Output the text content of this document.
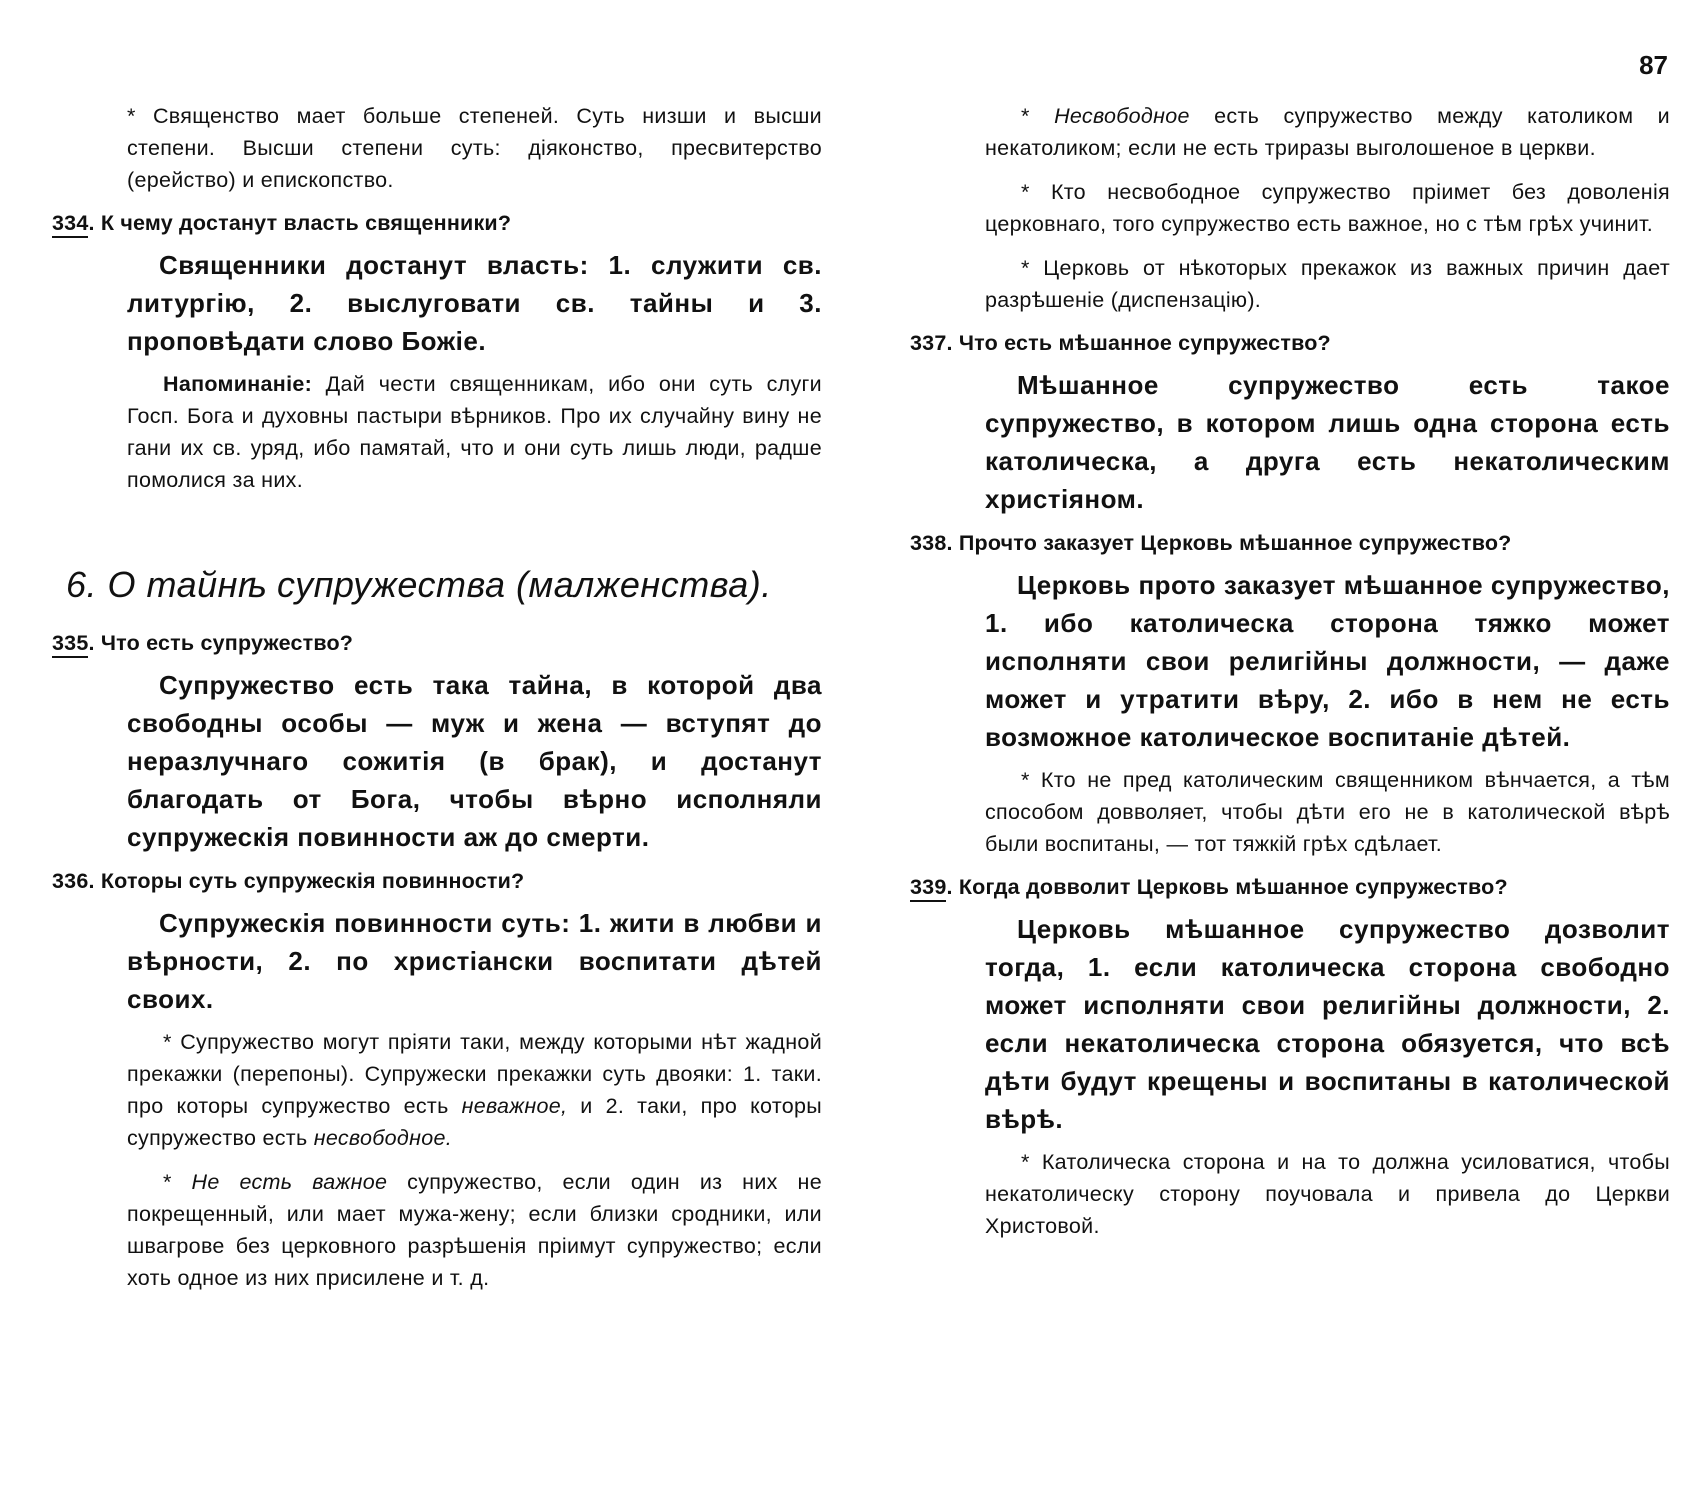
87

* Священство мает больше степеней. Суть низши и высши степени. Высши степени суть: діяконство, пресвитерство (ерейство) и епископство.

334. К чему достанут власть священники?

Священники достанут власть: 1. служити св. литургію, 2. выслуговати св. тайны и 3. проповѣдати слово Божіе.

Напоминаніе: Дай чести священникам, ибо они суть слуги Госп. Бога и духовны пастыри вѣрников. Про их случайну вину не гани их св. уряд, ибо памятай, что и они суть лишь люди, радше помолися за них.

6. О тайнѣ супружества (малженства).
335. Что есть супружество?

Супружество есть така тайна, в которой два свободны особы — муж и жена — вступят до неразлучнаго сожитія (в брак), и достанут благодать от Бога, чтобы вѣрно исполняли супружескія повинности аж до смерти.

336. Которы суть супружескія повинности?

Супружескія повинности суть: 1. жити в любви и вѣрности, 2. по христіански воспитати дѣтей своих.

* Супружество могут пріяти таки, между которыми нѣт жадной прекажки (перепоны). Супружески прекажки суть двояки: 1. таки. про которы супружество есть неважное, и 2. таки, про которы супружество есть несвободное.

* Не есть важное супружество, если один из них не покрещенный, или мает мужа-жену; если близки сродники, или швагрове без церковного разрѣшенія пріимут супружество; если хоть одное из них присилене и т. д.

* Несвободное есть супружество между католиком и некатоликом; если не есть триразы выголошеное в церкви.

* Кто несвободное супружество пріимет без доволенія церковнаго, того супружество есть важное, но с тѣм грѣх учинит.

* Церковь от нѣкоторых прекажок из важных причин дает разрѣшеніе (диспензацію).

337. Что есть мѣшанное супружество?

Мѣшанное супружество есть такое супружество, в котором лишь одна сторона есть католическа, а друга есть некатолическим христіяном.

338. Прочто заказует Церковь мѣшанное супружество?

Церковь прото заказует мѣшанное супружество, 1. ибо католическа сторона тяжко может исполняти свои религійны должности, — даже может и утратити вѣру, 2. ибо в нем не есть возможное католическое воспитаніе дѣтей.

* Кто не пред католическим священником вѣнчается, а тѣм способом довволяет, чтобы дѣти его не в католической вѣрѣ были воспитаны, — тот тяжкій грѣх сдѣлает.

339. Когда довволит Церковь мѣшанное супружество?

Церковь мѣшанное супружество дозволит тогда, 1. если католическа сторона свободно может исполняти свои религійны должности, 2. если некатолическа сторона обязуется, что всѣ дѣти будут крещены и воспитаны в католической вѣрѣ.

* Католическа сторона и на то должна усиловатися, чтобы некатолическу сторону поучовала и привела до Церкви Христовой.
